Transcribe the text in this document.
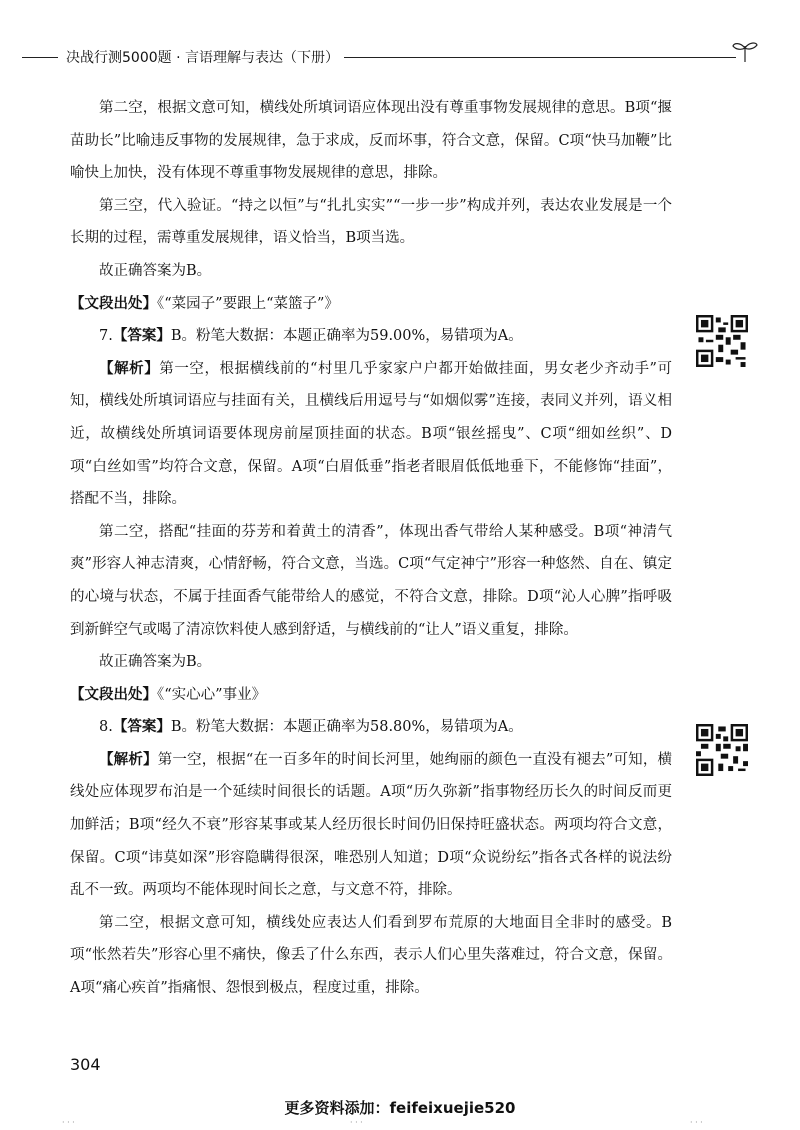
决战行测5000题 · 言语理解与表达（下册）

第二空，根据文意可知，横线处所填词语应体现出没有尊重事物发展规律的意思。B项“揠苗助长”比喻违反事物的发展规律，急于求成，反而坏事，符合文意，保留。C项“快马加鞭”比喻快上加快，没有体现不尊重事物发展规律的意思，排除。

第三空，代入验证。“持之以恒”与“扎扎实实”“一步一步”构成并列，表达农业发展是一个长期的过程，需尊重发展规律，语义恰当，B项当选。

故正确答案为B。

【文段出处】《“菜园子”要跟上“菜篮子”》

7.【答案】B。粉笔大数据：本题正确率为59.00%，易错项为A。

【解析】第一空，根据横线前的“村里几乎家家户户都开始做挂面，男女老少齐动手”可知，横线处所填词语应与挂面有关，且横线后用逗号与“如烟似雾”连接，表同义并列，语义相近，故横线处所填词语要体现房前屋顶挂面的状态。B项“银丝摇曳”、C项“细如丝织”、D项“白丝如雪”均符合文意，保留。A项“白眉低垂”指老者眼眉低低地垂下，不能修饰“挂面”，搭配不当，排除。

第二空，搭配“挂面的芬芳和着黄土的清香”，体现出香气带给人某种感受。B项“神清气爽”形容人神志清爽，心情舒畅，符合文意，当选。C项“气定神宁”形容一种悠然、自在、镇定的心境与状态，不属于挂面香气能带给人的感觉，不符合文意，排除。D项“沁人心脾”指呼吸到新鲜空气或喝了清凉饮料使人感到舒适，与横线前的“让人”语义重复，排除。

故正确答案为B。

【文段出处】《“实心心”事业》

8.【答案】B。粉笔大数据：本题正确率为58.80%，易错项为A。

【解析】第一空，根据“在一百多年的时间长河里，她绚丽的颜色一直没有褪去”可知，横线处应体现罗布泊是一个延续时间很长的话题。A项“历久弥新”指事物经历长久的时间反而更加鲜活；B项“经久不衰”形容某事或某人经历很长时间仍旧保持旺盛状态。两项均符合文意，保留。C项“讳莫如深”形容隐瞒得很深，唯恐别人知道；D项“众说纷纭”指各式各样的说法纷乱不一致。两项均不能体现时间长之意，与文意不符，排除。

第二空，根据文意可知，横线处应表达人们看到罗布荒原的大地面目全非时的感受。B项“怅然若失”形容心里不痛快，像丢了什么东西，表示人们心里失落难过，符合文意，保留。A项“痛心疾首”指痛恨、怨恨到极点，程度过重，排除。

304
更多资料添加：feifeixuejie520
· · ·	· · ·	· · ·
